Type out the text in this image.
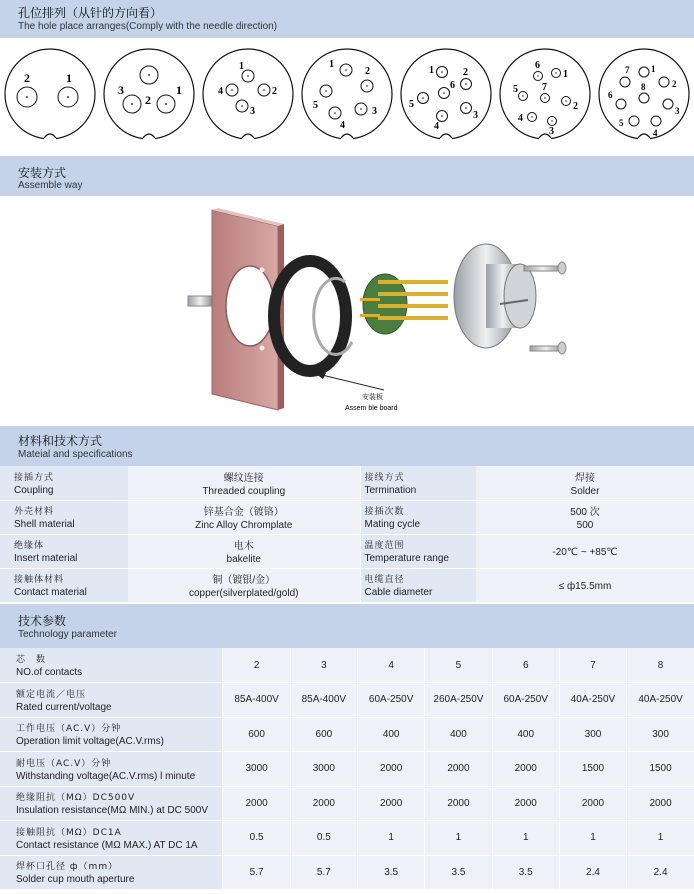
孔位排列（从针的方向看）
The hole place arranges(Comply with the needle direction)
2	1
3
2
1
1
2
3
4
1
2
3
4
5
1	2
3
4
5
6
1
2
3
4
5
6
7
1
2
3
4
5
6
7
8
安装方式
Assemble way
安装板
Assem ble board
材料和技术方式
Mateial and specifications
接插方式
Coupling	螺纹连接
Threaded coupling	接线方式
Termination	焊接
Solder

外壳材料
Shell material	锌基合金（镀铬）
Zinc Alloy Chromplate	接插次数
Mating cycle	500 次
500

绝缘体
Insert material	电木
bakelite	温度范围
Temperature range	-20℃ ~ +85℃

接触体材料
Contact material	铜（镀银/金）
copper(silverplated/gold)	电缆直径
Cable diameter	≤ ф15.5mm
技术参数
Technology parameter
芯　数
NO.of contacts	2	3	4	5	6	7	8

额定电流／电压
Rated current/voltage	85A-400V	85A-400V	60A-250V	260A-250V	60A-250V	40A-250V	40A-250V

工作电压（AC.V）分钟
Operation limit voltage(AC.V.rms)	600	600	400	400	400	300	300

耐电压（AC.V）分钟
Withstanding voltage(AC.V.rms) l minute	3000	3000	2000	2000	2000	1500	1500

绝缘阻抗（MΩ）DC500V
Insulation resistance(MΩ MIN.) at DC 500V	2000	2000	2000	2000	2000	2000	2000

接触阻抗（MΩ）DC1A
Contact resistance (MΩ MAX.) AT DC 1A	0.5	0.5	1	1	1	1	1

焊杯口孔径 ф（mm）
Solder cup mouth aperture	5.7	5.7	3.5	3.5	3.5	2.4	2.4
